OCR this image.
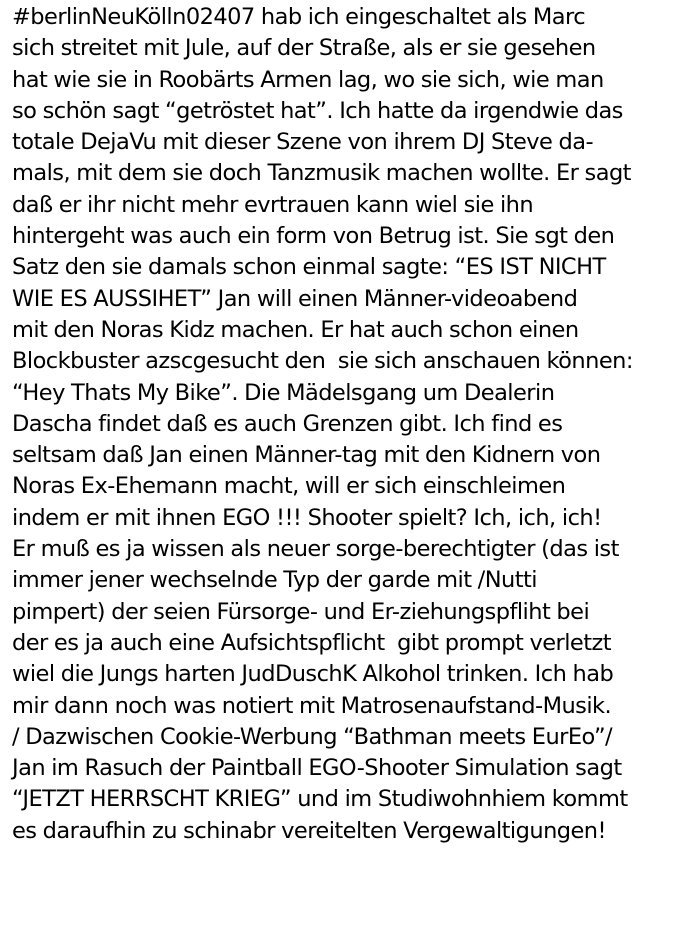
#berlinNeuKölln02407 hab ich eingeschaltet als Marc
sich streitet mit Jule, auf der Straße, als er sie gesehen
hat wie sie in Roobärts Armen lag, wo sie sich, wie man
so schön sagt “getröstet hat”. Ich hatte da irgendwie das
totale DejaVu mit dieser Szene von ihrem DJ Steve da-
mals, mit dem sie doch Tanzmusik machen wollte. Er sagt
daß er ihr nicht mehr evrtrauen kann wiel sie ihn
hintergeht was auch ein form von Betrug ist. Sie sgt den
Satz den sie damals schon einmal sagte: “ES IST NICHT
WIE ES AUSSIHET” Jan will einen Männer-videoabend
mit den Noras Kidz machen. Er hat auch schon einen
Blockbuster azscgesucht den  sie sich anschauen können:
“Hey Thats My Bike”. Die Mädelsgang um Dealerin
Dascha findet daß es auch Grenzen gibt. Ich find es
seltsam daß Jan einen Männer-tag mit den Kidnern von
Noras Ex-Ehemann macht, will er sich einschleimen
indem er mit ihnen EGO !!! Shooter spielt? Ich, ich, ich!
Er muß es ja wissen als neuer sorge-berechtigter (das ist
immer jener wechselnde Typ der garde mit /Nutti
pimpert) der seien Fürsorge- und Er-ziehungspfliht bei
der es ja auch eine Aufsichtspflicht  gibt prompt verletzt
wiel die Jungs harten JudDuschK Alkohol trinken. Ich hab
mir dann noch was notiert mit Matrosenaufstand-Musik.
/ Dazwischen Cookie-Werbung “Bathman meets EurEo”/
Jan im Rasuch der Paintball EGO-Shooter Simulation sagt
“JETZT HERRSCHT KRIEG” und im Studiwohnhiem kommt
es daraufhin zu schinabr vereitelten Vergewaltigungen!
